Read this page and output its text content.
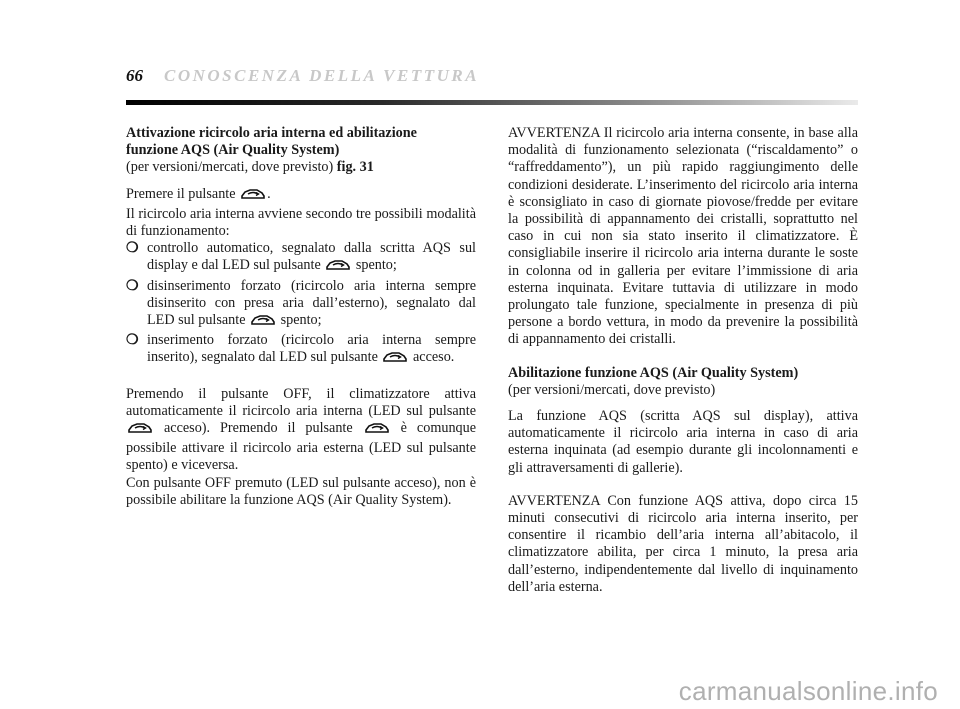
66 CONOSCENZA DELLA VETTURA

Attivazione ricircolo aria interna ed abilitazione
funzione AQS (Air Quality System)

(per versioni/mercati, dove previsto) fig. 31

Premere il pulsante .

Il ricircolo aria interna avviene secondo tre possibili modalità di funzionamento:

❍ controllo automatico, segnalato dalla scritta AQS sul display e dal LED sul pulsante spento;

❍ disinserimento forzato (ricircolo aria interna sempre disinserito con presa aria dall’esterno), segnalato dal LED sul pulsante spento;

❍ inserimento forzato (ricircolo aria interna sempre inserito), segnalato dal LED sul pulsante acceso.

Premendo il pulsante OFF, il climatizzatore attiva automaticamente il ricircolo aria interna (LED sul pulsante  acceso). Premendo il pulsante	è comunque possibile attivare il ricircolo aria esterna (LED sul pulsante spento) e viceversa.

Con pulsante OFF premuto (LED sul pulsante acceso), non è possibile abilitare la funzione AQS (Air Quality System).

AVVERTENZA Il ricircolo aria interna consente, in base alla modalità di funzionamento selezionata (“riscaldamento” o “raffreddamento”), un più rapido raggiungimento delle condizioni desiderate. L’inserimento del ricircolo aria interna è sconsigliato in caso di giornate piovose/fredde per evitare la possibilità di appannamento dei cristalli, soprattutto nel caso in cui non sia stato inserito il climatizzatore. È consigliabile inserire il ricircolo aria interna durante le soste in colonna od in galleria per evitare l’immissione di aria esterna inquinata. Evitare tuttavia di utilizzare in modo prolungato tale funzione, specialmente in presenza di più persone a bordo vettura, in modo da prevenire la possibilità di appannamento dei cristalli.

Abilitazione funzione AQS (Air Quality System)

(per versioni/mercati, dove previsto)

La funzione AQS (scritta AQS sul display), attiva automaticamente il ricircolo aria interna in caso di aria esterna inquinata (ad esempio durante gli incolonnamenti e gli attraversamenti di gallerie).

AVVERTENZA Con funzione AQS attiva, dopo circa 15 minuti consecutivi di ricircolo aria interna inserito, per consentire il ricambio dell’aria interna all’abitacolo, il climatizzatore abilita, per circa 1 minuto, la presa aria dall’esterno, indipendentemente dal livello di inquinamento dell’aria esterna.

carmanualsonline.info
